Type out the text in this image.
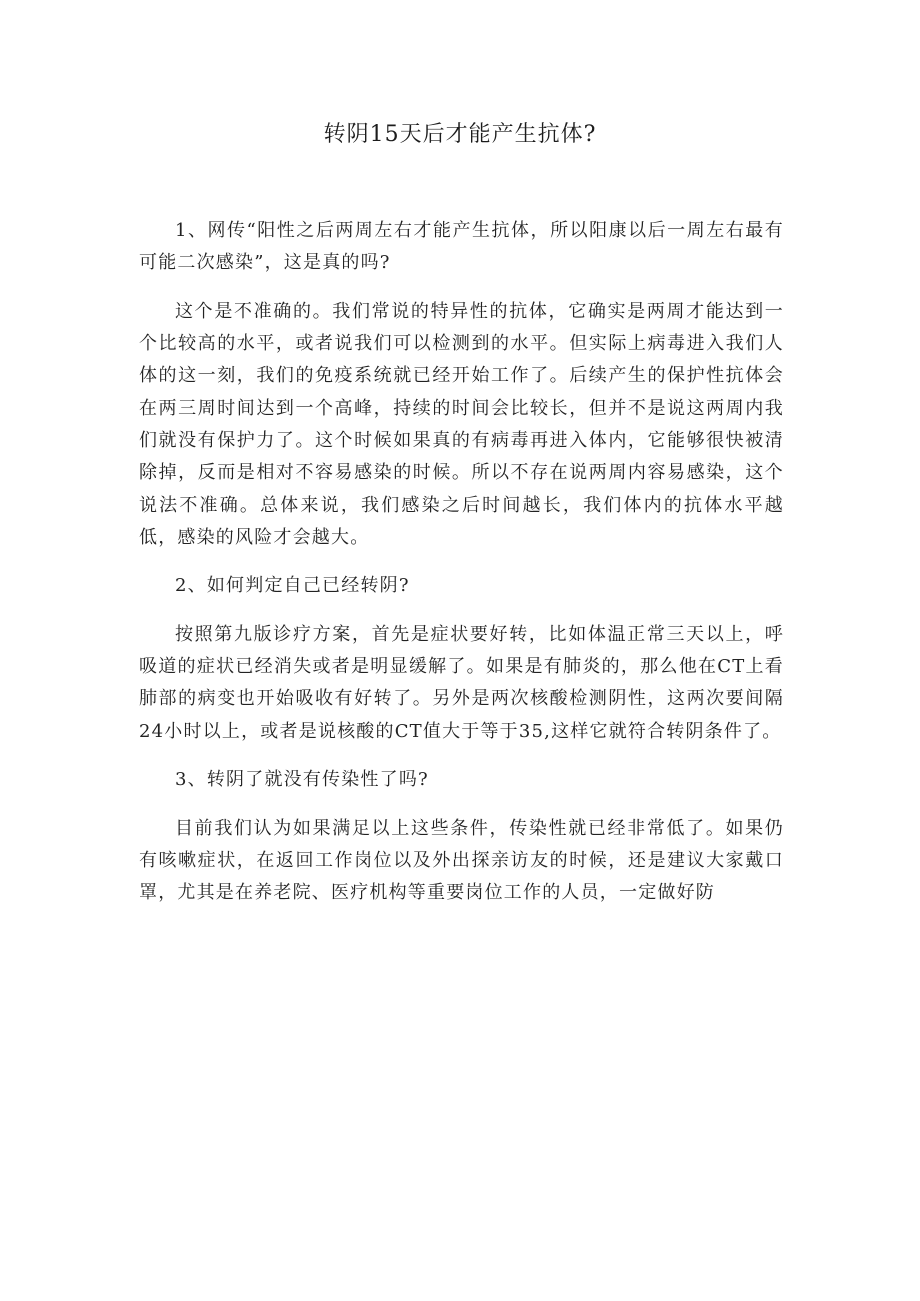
转阴15天后才能产生抗体?

1、网传“阳性之后两周左右才能产生抗体，所以阳康以后一周左右最有可能二次感染”，这是真的吗?

这个是不准确的。我们常说的特异性的抗体，它确实是两周才能达到一个比较高的水平，或者说我们可以检测到的水平。但实际上病毒进入我们人体的这一刻，我们的免疫系统就已经开始工作了。后续产生的保护性抗体会在两三周时间达到一个高峰，持续的时间会比较长，但并不是说这两周内我们就没有保护力了。这个时候如果真的有病毒再进入体内，它能够很快被清除掉，反而是相对不容易感染的时候。所以不存在说两周内容易感染，这个说法不准确。总体来说，我们感染之后时间越长，我们体内的抗体水平越低，感染的风险才会越大。

2、如何判定自己已经转阴?

按照第九版诊疗方案，首先是症状要好转，比如体温正常三天以上，呼吸道的症状已经消失或者是明显缓解了。如果是有肺炎的，那么他在CT上看肺部的病变也开始吸收有好转了。另外是两次核酸检测阴性，这两次要间隔24小时以上，或者是说核酸的CT值大于等于35,这样它就符合转阴条件了。

3、转阴了就没有传染性了吗?

目前我们认为如果满足以上这些条件，传染性就已经非常低了。如果仍有咳嗽症状，在返回工作岗位以及外出探亲访友的时候，还是建议大家戴口罩，尤其是在养老院、医疗机构等重要岗位工作的人员，一定做好防
